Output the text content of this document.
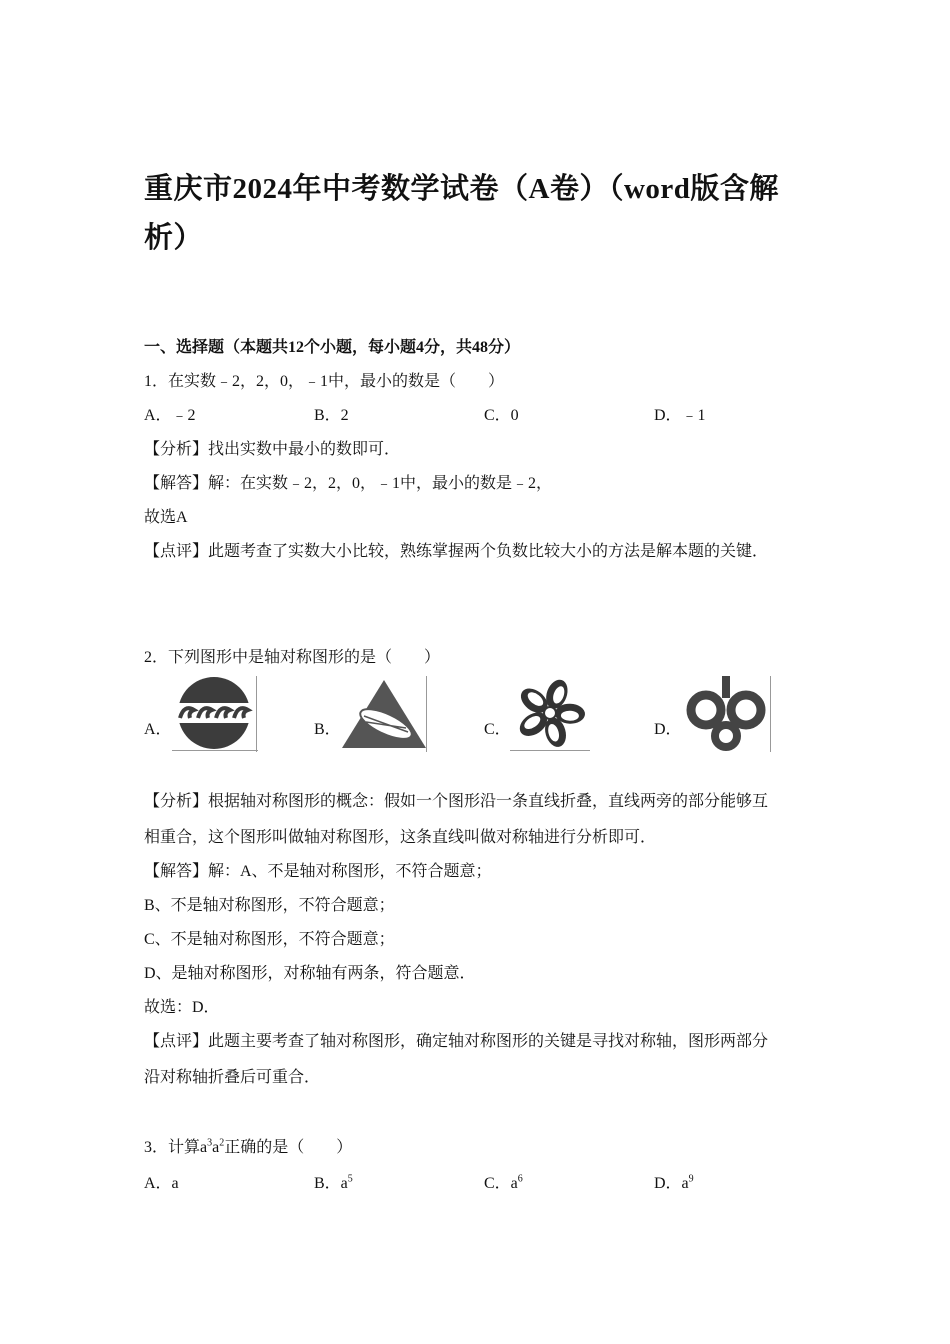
重庆市2024年中考数学试卷（A卷）（word版含解
析）
一、选择题（本题共12个小题，每小题4分，共48分）
1．在实数﹣2，2，0，﹣1中，最小的数是（　　）
A．﹣2	B．2	C．0	D．﹣1
【分析】找出实数中最小的数即可．
【解答】解：在实数﹣2，2，0，﹣1中，最小的数是﹣2，
故选A
【点评】此题考查了实数大小比较，熟练掌握两个负数比较大小的方法是解本题的关键．
2．下列图形中是轴对称图形的是（　　）
A．	B．	C．	D．
【分析】根据轴对称图形的概念：假如一个图形沿一条直线折叠，直线两旁的部分能够互
相重合，这个图形叫做轴对称图形，这条直线叫做对称轴进行分析即可．
【解答】解：A、不是轴对称图形，不符合题意；
B、不是轴对称图形，不符合题意；
C、不是轴对称图形，不符合题意；
D、是轴对称图形，对称轴有两条，符合题意．
故选：D．
【点评】此题主要考查了轴对称图形，确定轴对称图形的关键是寻找对称轴，图形两部分
沿对称轴折叠后可重合．
3．计算$a^3a^2$正确的是（　　）
A．a	B．$a^5$	C．$a^6$	D．$a^9$
